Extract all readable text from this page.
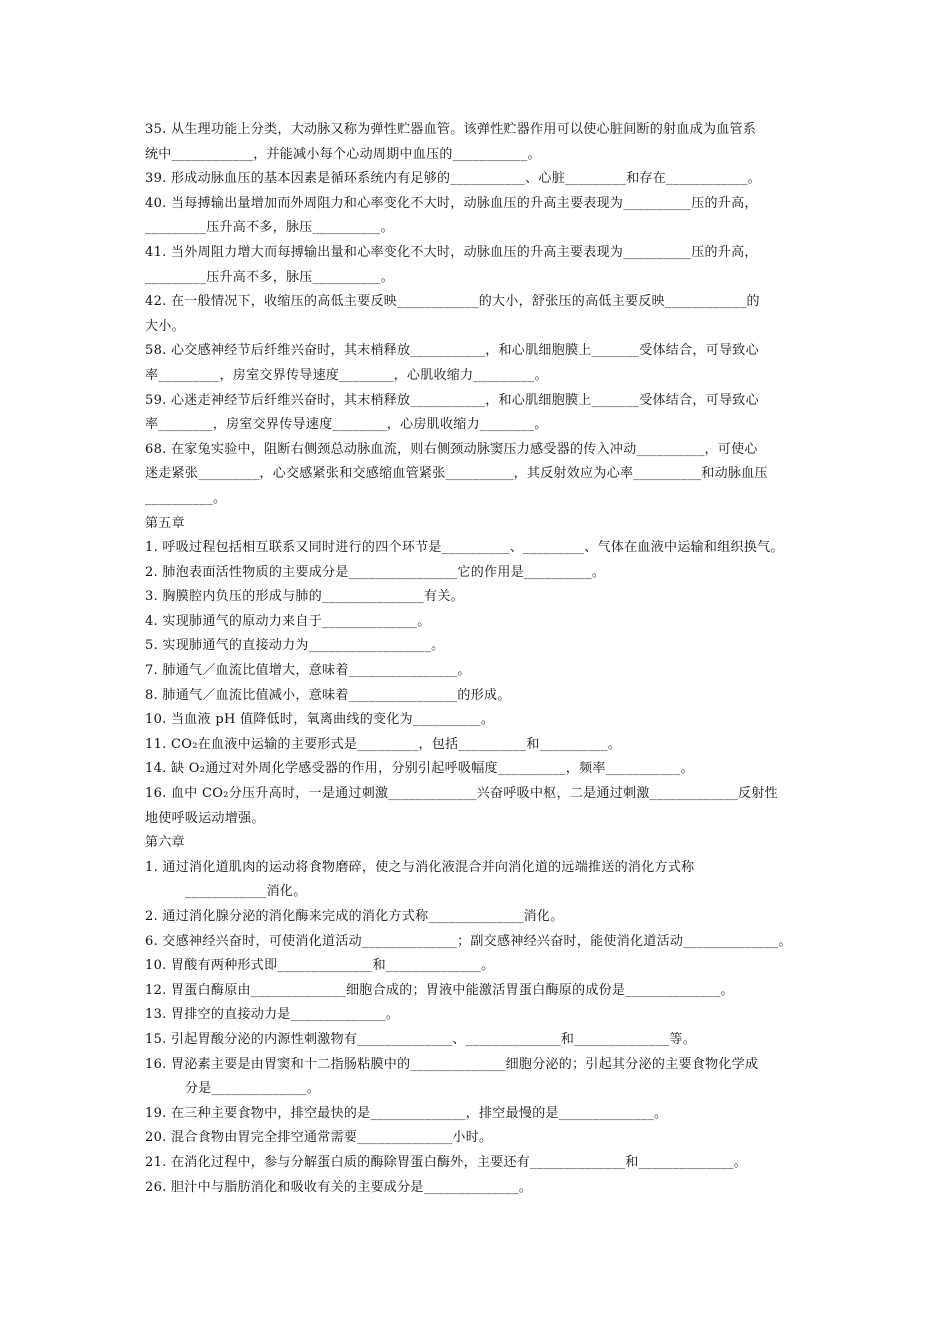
35. 从生理功能上分类，大动脉又称为弹性贮器血管。该弹性贮器作用可以使心脏间断的射血成为血管系
统中____________，并能减小每个心动周期中血压的___________。
39. 形成动脉血压的基本因素是循环系统内有足够的___________、心脏_________和存在____________。
40. 当每搏输出量增加而外周阻力和心率变化不大时，动脉血压的升高主要表现为__________压的升高，
_________压升高不多，脉压__________。
41. 当外周阻力增大而每搏输出量和心率变化不大时，动脉血压的升高主要表现为__________压的升高，
_________压升高不多，脉压__________。
42. 在一般情况下，收缩压的高低主要反映____________的大小，舒张压的高低主要反映____________的
大小。
58. 心交感神经节后纤维兴奋时，其末梢释放___________，和心肌细胞膜上_______受体结合，可导致心
率_________，房室交界传导速度________，心肌收缩力_________。
59. 心迷走神经节后纤维兴奋时，其末梢释放___________，和心肌细胞膜上_______受体结合，可导致心
率________，房室交界传导速度________，心房肌收缩力________。
68. 在家兔实验中，阻断右侧颈总动脉血流，则右侧颈动脉窦压力感受器的传入冲动__________，可使心
迷走紧张_________，心交感紧张和交感缩血管紧张__________，其反射效应为心率__________和动脉血压
__________。
第五章
1. 呼吸过程包括相互联系又同时进行的四个环节是__________、_________、气体在血液中运输和组织换气。
2. 肺泡表面活性物质的主要成分是________________它的作用是__________。
3. 胸膜腔内负压的形成与肺的_______________有关。
4. 实现肺通气的原动力来自于______________。
5. 实现肺通气的直接动力为__________________。
7. 肺通气／血流比值增大，意味着________________。
8. 肺通气／血流比值减小，意味着________________的形成。
10. 当血液 pH 值降低时，氧离曲线的变化为__________。
11. CO₂在血液中运输的主要形式是_________，包括__________和__________。
14. 缺 O₂通过对外周化学感受器的作用，分别引起呼吸幅度__________，频率___________。
16. 血中 CO₂分压升高时，一是通过刺激_____________兴奋呼吸中枢，二是通过刺激_____________反射性
地使呼吸运动增强。
第六章
1. 通过消化道肌肉的运动将食物磨碎，使之与消化液混合并向消化道的远端推送的消化方式称
____________消化。
2. 通过消化腺分泌的消化酶来完成的消化方式称______________消化。
6. 交感神经兴奋时，可使消化道活动______________；副交感神经兴奋时，能使消化道活动______________。
10. 胃酸有两种形式即______________和______________。
12. 胃蛋白酶原由______________细胞合成的；胃液中能激活胃蛋白酶原的成份是______________。
13. 胃排空的直接动力是______________。
15. 引起胃酸分泌的内源性刺激物有______________、______________和______________等。
16. 胃泌素主要是由胃窦和十二指肠粘膜中的______________细胞分泌的；引起其分泌的主要食物化学成
分是______________。
19. 在三种主要食物中，排空最快的是______________，排空最慢的是______________。
20. 混合食物由胃完全排空通常需要______________小时。
21. 在消化过程中，参与分解蛋白质的酶除胃蛋白酶外，主要还有______________和______________。
26. 胆汁中与脂肪消化和吸收有关的主要成分是______________。
